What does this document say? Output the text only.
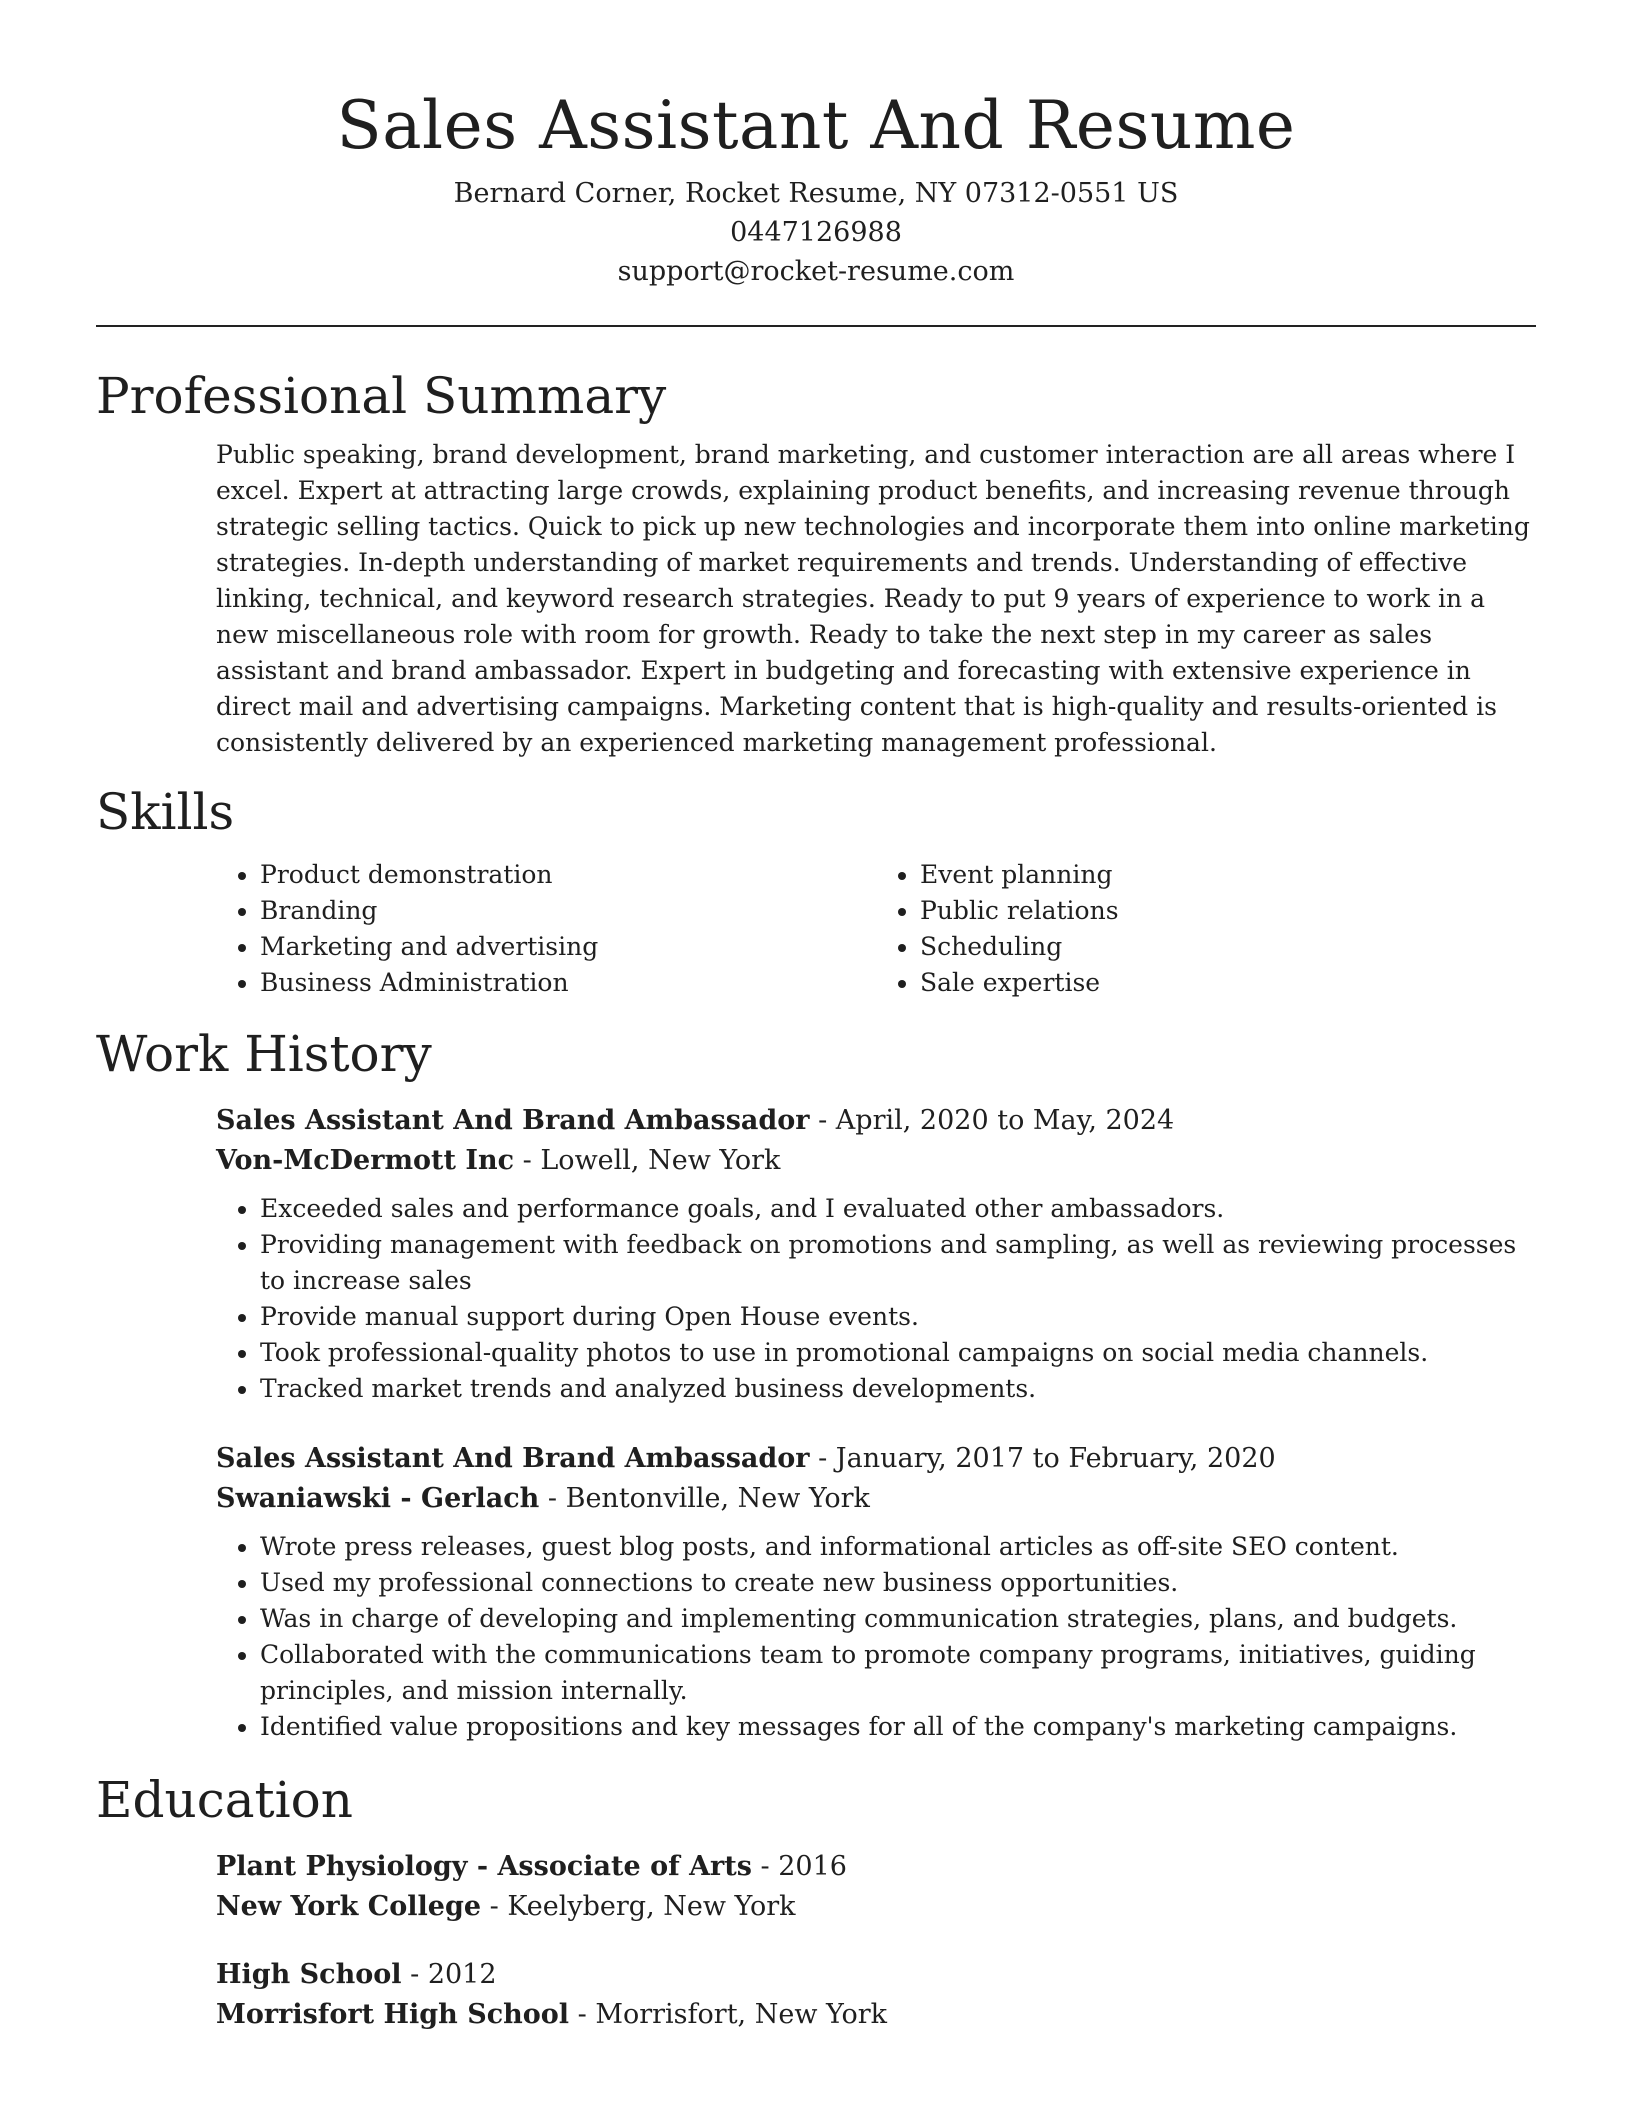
Sales Assistant And Resume
Bernard Corner, Rocket Resume, NY 07312-0551 US
0447126988
support@rocket-resume.com
Professional Summary

Public speaking, brand development, brand marketing, and customer interaction are all areas where I excel. Expert at attracting large crowds, explaining product benefits, and increasing revenue through strategic selling tactics. Quick to pick up new technologies and incorporate them into online marketing strategies. In-depth understanding of market requirements and trends. Understanding of effective linking, technical, and keyword research strategies. Ready to put 9 years of experience to work in a new miscellaneous role with room for growth. Ready to take the next step in my career as sales assistant and brand ambassador. Expert in budgeting and forecasting with extensive experience in direct mail and advertising campaigns. Marketing content that is high-quality and results-oriented is consistently delivered by an experienced marketing management professional.

Skills
• Product demonstration
• Branding
• Marketing and advertising
• Business Administration
• Event planning
• Public relations
• Scheduling
• Sale expertise
Work History
Sales Assistant And Brand Ambassador - April, 2020 to May, 2024
Von-McDermott Inc - Lowell, New York
• Exceeded sales and performance goals, and I evaluated other ambassadors.
• Providing management with feedback on promotions and sampling, as well as reviewing processes to increase sales
• Provide manual support during Open House events.
• Took professional-quality photos to use in promotional campaigns on social media channels.
• Tracked market trends and analyzed business developments.
Sales Assistant And Brand Ambassador - January, 2017 to February, 2020
Swaniawski - Gerlach - Bentonville, New York
• Wrote press releases, guest blog posts, and informational articles as off-site SEO content.
• Used my professional connections to create new business opportunities.
• Was in charge of developing and implementing communication strategies, plans, and budgets.
• Collaborated with the communications team to promote company programs, initiatives, guiding principles, and mission internally.
• Identified value propositions and key messages for all of the company's marketing campaigns.
Education
Plant Physiology - Associate of Arts - 2016
New York College - Keelyberg, New York
High School - 2012
Morrisfort High School - Morrisfort, New York
